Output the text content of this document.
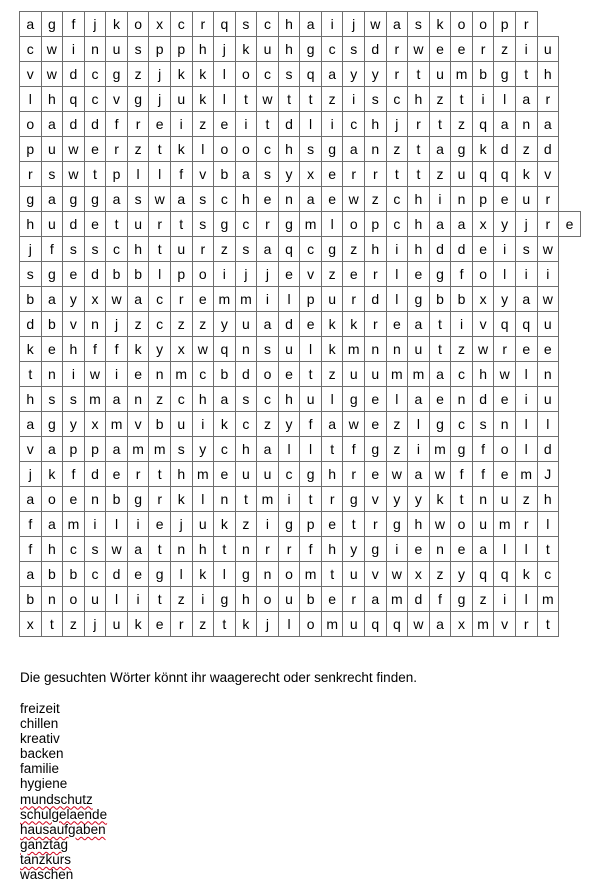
a	g	f	j	k	o	x	c	r	q	s	c	h	a	i	j	w	a	s	k	o	o	p	r		
c	w	i	n	u	s	p	p	h	j	k	u	h	g	c	s	d	r	w	e	e	r	z	i	u	
v	w	d	c	g	z	j	k	k	l	o	c	s	q	a	y	y	r	t	u	m	b	g	t	h	
l	h	q	c	v	g	j	u	k	l	t	w	t	t	z	i	s	c	h	z	t	i	l	a	r	
o	a	d	d	f	r	e	i	z	e	i	t	d	l	i	c	h	j	r	t	z	q	a	n	a	
p	u	w	e	r	z	t	k	l	o	o	c	h	s	g	a	n	z	t	a	g	k	d	z	d	
r	s	w	t	p	l	l	f	v	b	a	s	y	x	e	r	r	t	t	z	u	q	q	k	v	
g	a	g	g	a	s	w	a	s	c	h	e	n	a	e	w	z	c	h	i	n	p	e	u	r	
h	u	d	e	t	u	r	t	s	g	c	r	g	m	l	o	p	c	h	a	a	x	y	j	r	e
j	f	s	s	c	h	t	u	r	z	s	a	q	c	g	z	h	i	h	d	d	e	i	s	w	
s	g	e	d	b	b	l	p	o	i	j	j	e	v	z	e	r	l	e	g	f	o	l	i	i	
b	a	y	x	w	a	c	r	e	m	m	i	l	p	u	r	d	l	g	b	b	x	y	a	w	
d	b	v	n	j	z	c	z	z	y	u	a	d	e	k	k	r	e	a	t	i	v	q	q	u	
k	e	h	f	f	k	y	x	w	q	n	s	u	l	k	m	n	n	u	t	z	w	r	e	e	
t	n	i	w	i	e	n	m	c	b	d	o	e	t	z	u	u	m	m	a	c	h	w	l	n	
h	s	s	m	a	n	z	c	h	a	s	c	h	u	l	g	e	l	a	e	n	d	e	i	u	
a	g	y	x	m	v	b	u	i	k	c	z	y	f	a	w	e	z	l	g	c	s	n	l	l	
v	a	p	p	a	m	m	s	y	c	h	a	l	l	t	f	g	z	i	m	g	f	o	l	d	
j	k	f	d	e	r	t	h	m	e	u	u	c	g	h	r	e	w	a	w	f	f	e	m	J	
a	o	e	n	b	g	r	k	l	n	t	m	i	t	r	g	v	y	y	k	t	n	u	z	h	
f	a	m	i	l	i	e	j	u	k	z	i	g	p	e	t	r	g	h	w	o	u	m	r	l	
f	h	c	s	w	a	t	n	h	t	n	r	r	f	h	y	g	i	e	n	e	a	l	l	t	
a	b	b	c	d	e	g	l	k	l	g	n	o	m	t	u	v	w	x	z	y	q	q	k	c	
b	n	o	u	l	i	t	z	i	g	h	o	u	b	e	r	a	m	d	f	g	z	i	l	m	
x	t	z	j	u	k	e	r	z	t	k	j	l	o	m	u	q	q	w	a	x	m	v	r	t	

Die gesuchten Wörter könnt ihr waagerecht oder senkrecht finden.

freizeit
chillen
kreativ
backen
familie
hygiene
mundschutz
schulgelaende
hausaufgaben
ganztag
tanzkurs
waschen
